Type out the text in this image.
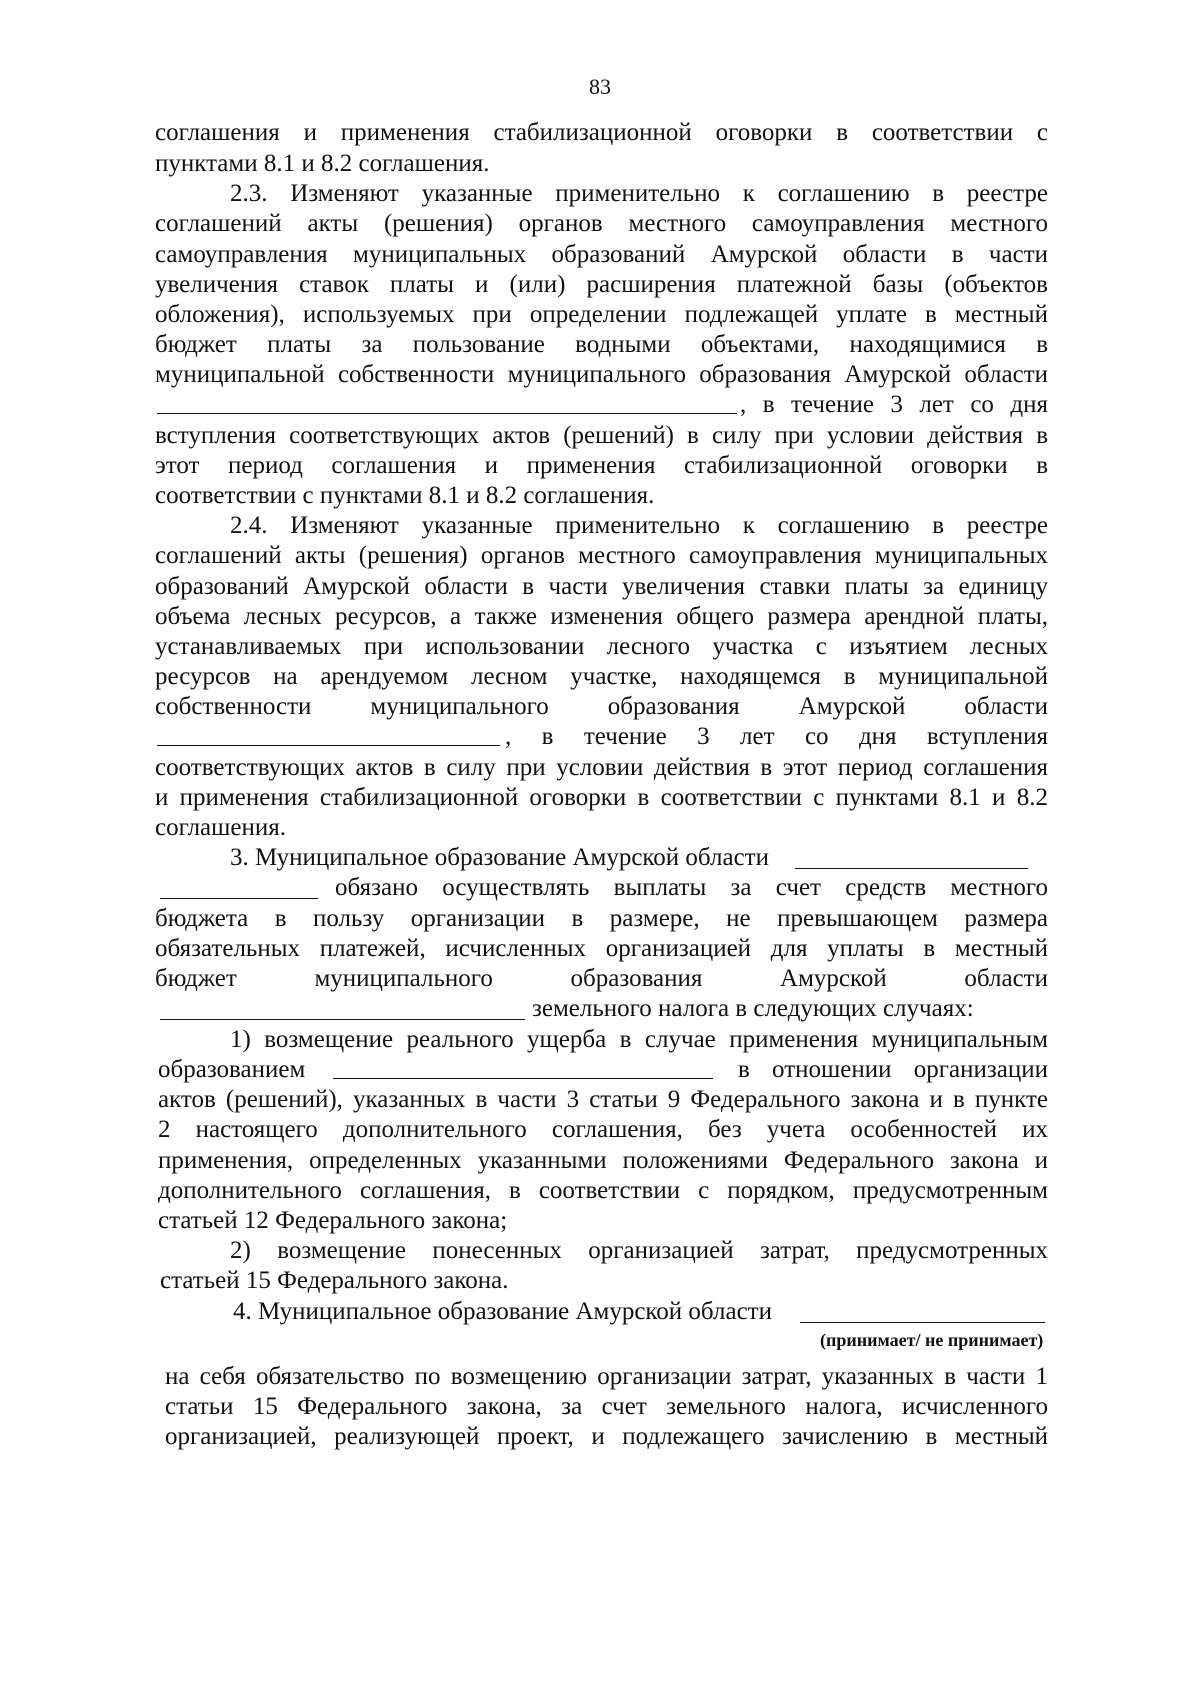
83
соглашения и применения стабилизационной оговорки в соответствии с
пунктами 8.1 и 8.2 соглашения.
2.3. Изменяют указанные применительно к соглашению в реестре
соглашений акты (решения) органов местного самоуправления местного
самоуправления муниципальных образований Амурской области в части
увеличения ставок платы и (или) расширения платежной базы (объектов
обложения), используемых при определении подлежащей уплате в местный
бюджет платы за пользование водными объектами, находящимися в
муниципальной собственности муниципального образования Амурской области
, в течение 3 лет со дня
вступления соответствующих актов (решений) в силу при условии действия в
этот период соглашения и применения стабилизационной оговорки в
соответствии с пунктами 8.1 и 8.2 соглашения.
2.4. Изменяют указанные применительно к соглашению в реестре
соглашений акты (решения) органов местного самоуправления муниципальных
образований Амурской области в части увеличения ставки платы за единицу
объема лесных ресурсов, а также изменения общего размера арендной платы,
устанавливаемых при использовании лесного участка с изъятием лесных
ресурсов на арендуемом лесном участке, находящемся в муниципальной
собственности муниципального образования Амурской области
, в течение 3 лет со дня вступления
соответствующих актов в силу при условии действия в этот период соглашения
и применения стабилизационной оговорки в соответствии с пунктами 8.1 и 8.2
соглашения.
3. Муниципальное образование Амурской области
обязано осуществлять выплаты за счет средств местного
бюджета в пользу организации в размере, не превышающем размера
обязательных платежей, исчисленных организацией для уплаты в местный
бюджет муниципального образования Амурской области
земельного налога в следующих случаях:
1) возмещение реального ущерба в случае применения муниципальным
образованием	в отношении организации
актов (решений), указанных в части 3 статьи 9 Федерального закона и в пункте
2 настоящего дополнительного соглашения, без учета особенностей их
применения, определенных указанными положениями Федерального закона и
дополнительного соглашения, в соответствии с порядком, предусмотренным
статьей 12 Федерального закона;
2) возмещение понесенных организацией затрат, предусмотренных
статьей 15 Федерального закона.
4. Муниципальное образование Амурской области
(принимает/ не принимает)
на себя обязательство по возмещению организации затрат, указанных в части 1
статьи 15 Федерального закона, за счет земельного налога, исчисленного
организацией, реализующей проект, и подлежащего зачислению в местный
